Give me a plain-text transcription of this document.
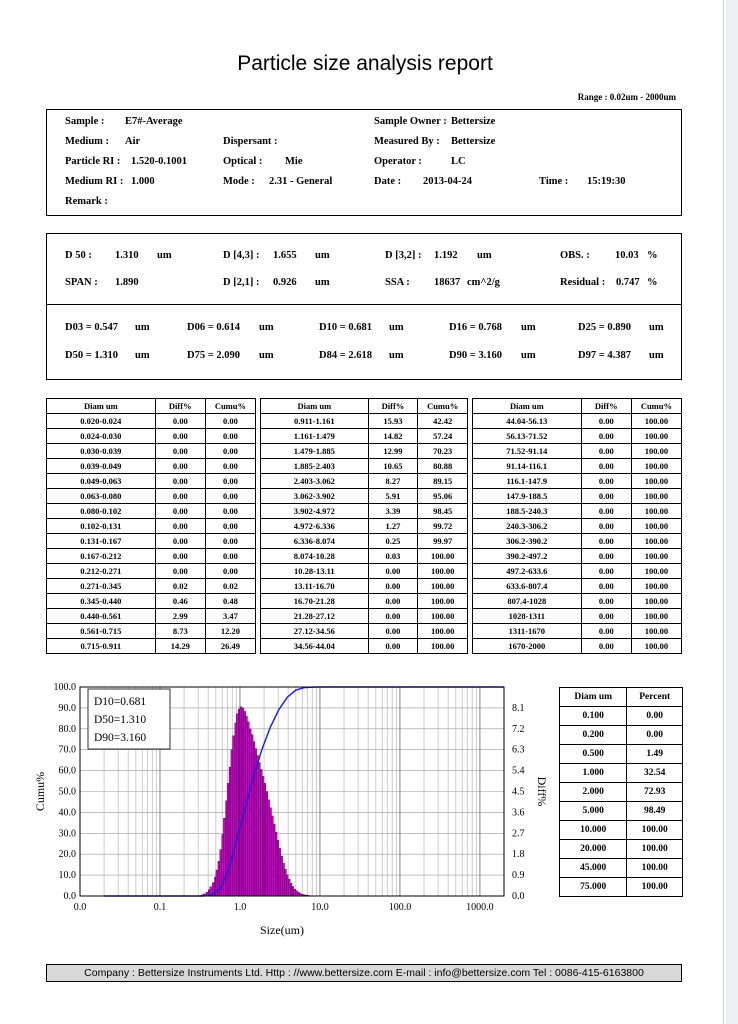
Particle size analysis report
Range : 0.02um - 2000um
Sample : E7#-Average	Sample Owner : Bettersize
Medium : Air	Dispersant :	Measured By : Bettersize
Particle RI : 1.520-0.1001	Optical : Mie	Operator :	LC
Medium RI : 1.000	Mode : 2.31 - General	Date : 2013-04-24	Time : 15:19:30
Remark :
D 50 : 1.310 um	D [4,3] : 1.655 um	D [3,2] : 1.192 um	OBS. : 10.03 %
SPAN : 1.890	D [2,1] : 0.926 um	SSA : 18637 cm^2/g	Residual : 0.747 %
D03 = 0.547 um	D06 = 0.614 um	D10 = 0.681 um	D16 = 0.768 um	D25 = 0.890 um
D50 = 1.310 um	D75 = 2.090 um	D84 = 2.618 um	D90 = 3.160 um	D97 = 4.387 um
Diam um	Diff%	Cumu%
0.020-0.024	0.00	0.00
0.024-0.030	0.00	0.00
0.030-0.039	0.00	0.00
0.039-0.049	0.00	0.00
0.049-0.063	0.00	0.00
0.063-0.080	0.00	0.00
0.080-0.102	0.00	0.00
0.102-0.131	0.00	0.00
0.131-0.167	0.00	0.00
0.167-0.212	0.00	0.00
0.212-0.271	0.00	0.00
0.271-0.345	0.02	0.02
0.345-0.440	0.46	0.48
0.440-0.561	2.99	3.47
0.561-0.715	8.73	12.20
0.715-0.911	14.29	26.49
Diam um	Diff%	Cumu%
0.911-1.161	15.93	42.42
1.161-1.479	14.82	57.24
1.479-1.885	12.99	70.23
1.885-2.403	10.65	80.88
2.403-3.062	8.27	89.15
3.062-3.902	5.91	95.06
3.902-4.972	3.39	98.45
4.972-6.336	1.27	99.72
6.336-8.074	0.25	99.97
8.074-10.28	0.03	100.00
10.28-13.11	0.00	100.00
13.11-16.70	0.00	100.00
16.70-21.28	0.00	100.00
21.28-27.12	0.00	100.00
27.12-34.56	0.00	100.00
34.56-44.04	0.00	100.00
Diam um	Diff%	Cumu%
44.04-56.13	0.00	100.00
56.13-71.52	0.00	100.00
71.52-91.14	0.00	100.00
91.14-116.1	0.00	100.00
116.1-147.9	0.00	100.00
147.9-188.5	0.00	100.00
188.5-240.3	0.00	100.00
240.3-306.2	0.00	100.00
306.2-390.2	0.00	100.00
390.2-497.2	0.00	100.00
497.2-633.6	0.00	100.00
633.6-807.4	0.00	100.00
807.4-1028	0.00	100.00
1028-1311	0.00	100.00
1311-1670	0.00	100.00
1670-2000	0.00	100.00
0.0
10.0
20.0
30.0
40.0
50.0
60.0
70.0
80.0
90.0
100.0
0.0
0.9
1.8
2.7
3.6
4.5
5.4
6.3
7.2
8.1
0.0	0.1	1.0	10.0	100.0	1000.0
Size(um)
Cumu%	Diff%
D10=0.681
D50=1.310
D90=3.160
Diam um	Percent
0.100	0.00
0.200	0.00
0.500	1.49
1.000	32.54
2.000	72.93
5.000	98.49
10.000	100.00
20.000	100.00
45.000	100.00
75.000	100.00
Company : Bettersize Instruments Ltd. Http : //www.bettersize.com E-mail : info@bettersize.com Tel : 0086-415-6163800
